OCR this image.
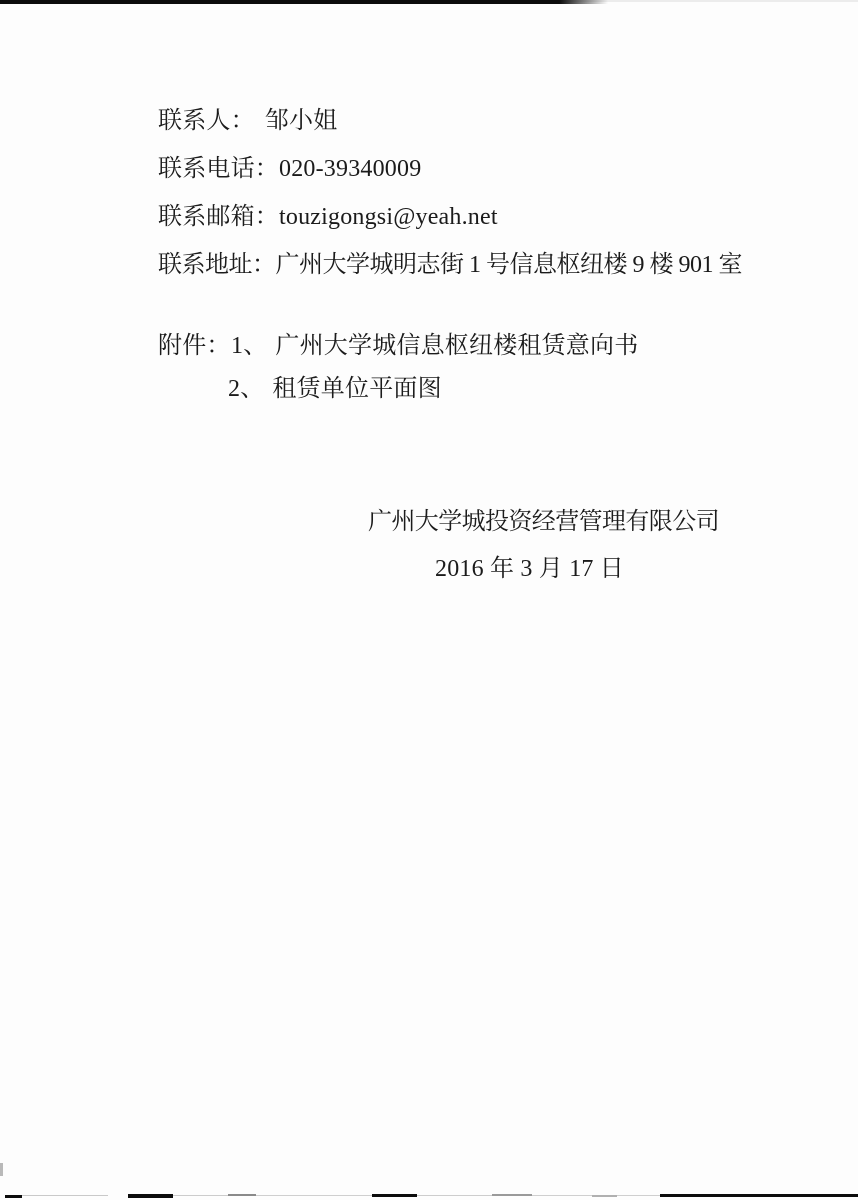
联系人： 邹小姐
联系电话：020-39340009
联系邮箱：touzigongsi@yeah.net
联系地址：广州大学城明志街 1 号信息枢纽楼 9 楼 901 室
附件： 1、 广州大学城信息枢纽楼租赁意向书
2、 租赁单位平面图
广州大学城投资经营管理有限公司
2016 年 3 月 17 日
